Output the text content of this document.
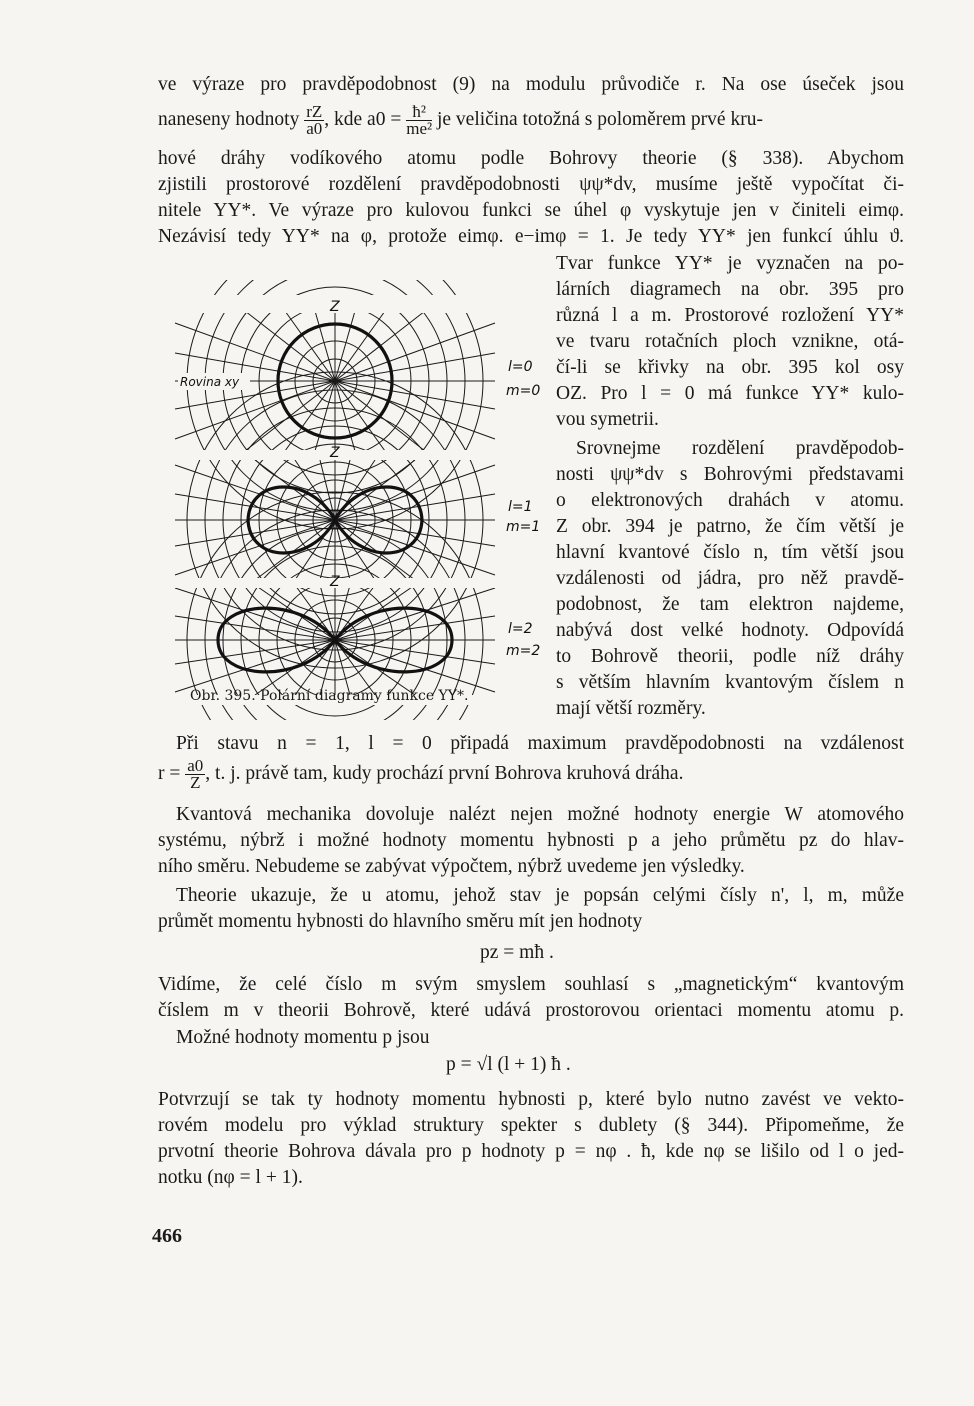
ve výraze pro pravděpodobnost (9) na modulu průvodiče r. Na ose úseček jsou
naneseny hodnoty $\frac{rZ}{a0}$ , kde $a0 = \frac{\text{ħ²}}{\text{me²}}$ je veličina totožná s poloměrem prvé kru-
hové dráhy vodíkového atomu podle Bohrovy theorie (§ 338). Abychom
zjistili prostorové rozdělení pravděpodobnosti ψψ*dv, musíme ještě vypočítat či-
nitele YY*. Ve výraze pro kulovou funkci se úhel φ vyskytuje jen v činiteli eimφ.
Nezávisí tedy YY* na φ, protože eimφ. e−imφ = 1. Je tedy YY* jen funkcí úhlu ϑ.
Tvar funkce YY* je vyznačen na po-
lárních diagramech na obr. 395 pro
různá l a m. Prostorové rozložení YY*
ve tvaru rotačních ploch vznikne, otá-
čí-li se křivky na obr. 395 kol osy
OZ. Pro l = 0 má funkce YY* kulo-
vou symetrii.
Srovnejme rozdělení pravděpodob-
nosti ψψ*dv s Bohrovými představami
o elektronových drahách v atomu.
Z obr. 394 je patrno, že čím větší je
hlavní kvantové číslo n, tím větší jsou
vzdálenosti od jádra, pro něž pravdě-
podobnost, že tam elektron najdeme,
nabývá dost velké hodnoty. Odpovídá
to Bohrově theorii, podle níž dráhy
s větším hlavním kvantovým číslem n
mají větší rozměry.
Z
Z
Z
l=0
m=0
l=1
m=1
l=2
m=2
Rovina xy
Obr. 395. Polární diagramy funkce YY*.
Při stavu n = 1, l = 0 připadá maximum pravděpodobnosti na vzdálenost
$r = \frac{a0}{Z}$ , t. j. právě tam, kudy prochází první Bohrova kruhová dráha.
Kvantová mechanika dovoluje nalézt nejen možné hodnoty energie W atomového
systému, nýbrž i možné hodnoty momentu hybnosti p a jeho průmětu pz do hlav-
ního směru. Nebudeme se zabývat výpočtem, nýbrž uvedeme jen výsledky.
Theorie ukazuje, že u atomu, jehož stav je popsán celými čísly n', l, m, může
průmět momentu hybnosti do hlavního směru mít jen hodnoty
pz = mħ .
Vidíme, že celé číslo m svým smyslem souhlasí s „magnetickým“ kvantovým
číslem m v theorii Bohrově, které udává prostorovou orientaci momentu atomu p.
Možné hodnoty momentu p jsou
p = √l (l + 1) ħ .
Potvrzují se tak ty hodnoty momentu hybnosti p, které bylo nutno zavést ve vekto-
rovém modelu pro výklad struktury spekter s dublety (§ 344). Připomeňme, že
prvotní theorie Bohrova dávala pro p hodnoty p = nφ . ħ, kde nφ se lišilo od l o jed-
notku (nφ = l + 1).
466
